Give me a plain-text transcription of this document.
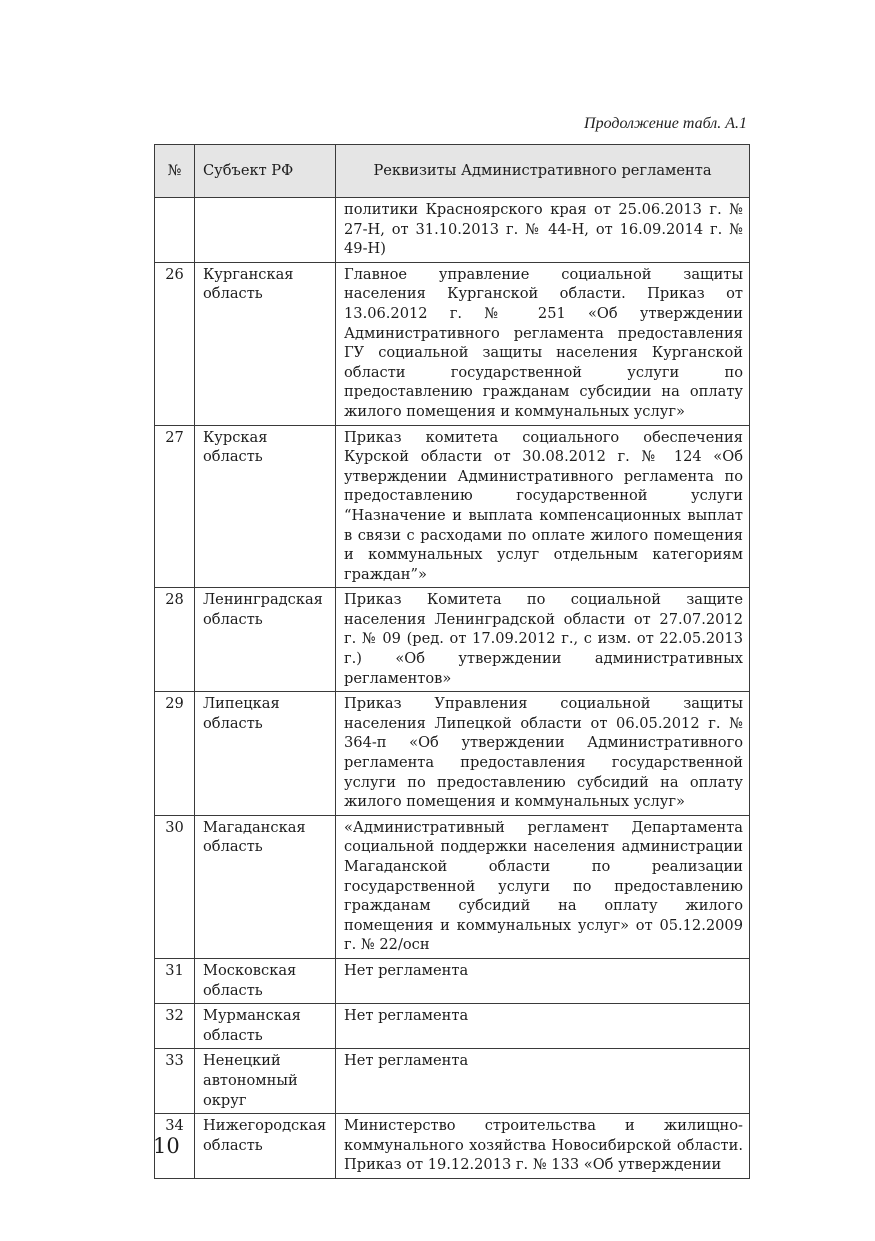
Продолжение табл. А.1
№	Субъект РФ	Реквизиты Административного регламента
		политики Красноярского края от 25.06.2013 г. № 27-Н, от 31.10.2013 г. № 44-Н, от 16.09.2014 г. № 49-Н)
26	Курганская область	Главное управление социальной защиты населения Курганской области. Приказ от 13.06.2012 г. № 251 «Об утверждении Административного регламента предоставления ГУ социальной защиты населения Курганской области государственной услуги по предоставлению гражданам субсидии на оплату жилого помещения и коммунальных услуг»
27	Курская область	Приказ комитета социального обеспечения Курской области от 30.08.2012 г. № 124 «Об утверждении Административного регламента по предоставлению государственной услуги “Назначение и выплата компенсационных выплат в связи с расходами по оплате жилого помещения и коммунальных услуг отдельным категориям граждан”»
28	Ленинградская область	Приказ Комитета по социальной защите населения Ленинградской области от 27.07.2012 г. № 09 (ред. от 17.09.2012 г., с изм. от 22.05.2013 г.) «Об утверждении административных регламентов»
29	Липецкая область	Приказ Управления социальной защиты населения Липецкой области от 06.05.2012 г. № 364-п «Об утверждении Административного регламента предоставления государственной услуги по предоставлению субсидий на оплату жилого помещения и коммунальных услуг»
30	Магаданская область	«Административный регламент Департамента социальной поддержки населения администрации Магаданской области по реализации государственной услуги по предоставлению гражданам субсидий на оплату жилого помещения и коммунальных услуг» от 05.12.2009 г. № 22/осн
31	Московская область	Нет регламента
32	Мурманская область	Нет регламента
33	Ненецкий автономный округ	Нет регламента
34	Нижегородская область	Министерство строительства и жилищно-коммунального хозяйства Новосибирской области. Приказ от 19.12.2013 г. № 133 «Об утверждении
10
